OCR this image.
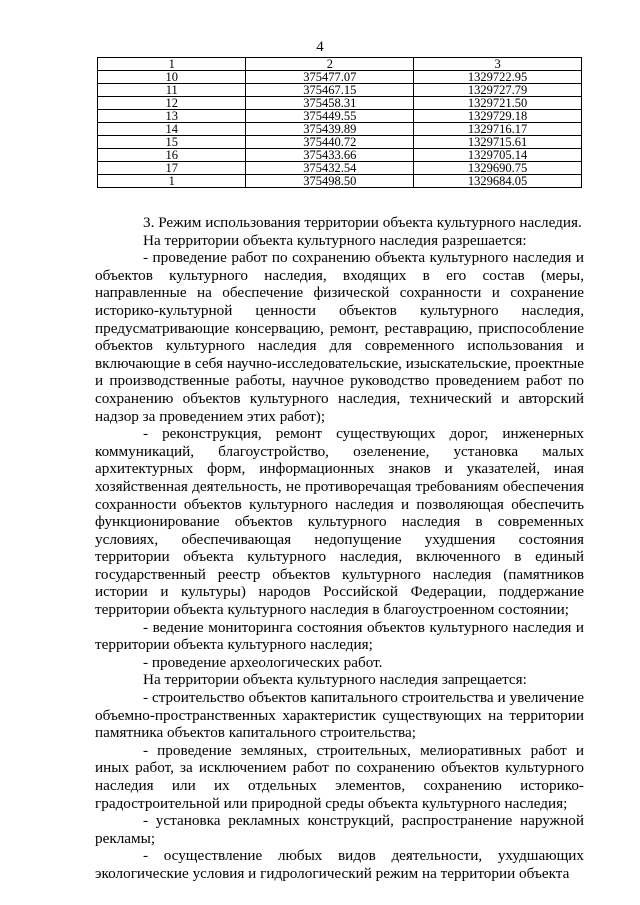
4
1	2	3
10	375477.07	1329722.95
11	375467.15	1329727.79
12	375458.31	1329721.50
13	375449.55	1329729.18
14	375439.89	1329716.17
15	375440.72	1329715.61
16	375433.66	1329705.14
17	375432.54	1329690.75
1	375498.50	1329684.05

3. Режим использования территории объекта культурного наследия.

На территории объекта культурного наследия разрешается:

- проведение работ по сохранению объекта культурного наследия и объектов культурного наследия, входящих в его состав (меры, направленные на обеспечение физической сохранности и сохранение историко-культурной ценности объектов культурного наследия, предусматривающие консервацию, ремонт, реставрацию, приспособление объектов культурного наследия для современного использования и включающие в себя научно-исследовательские, изыскательские, проектные и производственные работы, научное руководство проведением работ по сохранению объектов культурного наследия, технический и авторский надзор за проведением этих работ);

- реконструкция, ремонт существующих дорог, инженерных коммуникаций, благоустройство, озеленение, установка малых архитектурных форм, информационных знаков и указателей, иная хозяйственная деятельность, не противоречащая требованиям обеспечения сохранности объектов культурного наследия и позволяющая обеспечить функционирование объектов культурного наследия в современных условиях, обеспечивающая недопущение ухудшения состояния территории объекта культурного наследия, включенного в единый государственный реестр объектов культурного наследия (памятников истории и культуры) народов Российской Федерации, поддержание территории объекта культурного наследия в благоустроенном состоянии;

- ведение мониторинга состояния объектов культурного наследия и территории объекта культурного наследия;

- проведение археологических работ.

На территории объекта культурного наследия запрещается:

- строительство объектов капитального строительства и увеличение объемно-пространственных характеристик существующих на территории памятника объектов капитального строительства;

- проведение земляных, строительных, мелиоративных работ и иных работ, за исключением работ по сохранению объектов культурного наследия или их отдельных элементов, сохранению историко-градостроительной или природной среды объекта культурного наследия;

- установка рекламных конструкций, распространение наружной рекламы;

- осуществление любых видов деятельности, ухудшающих экологические условия и гидрологический режим на территории объекта
